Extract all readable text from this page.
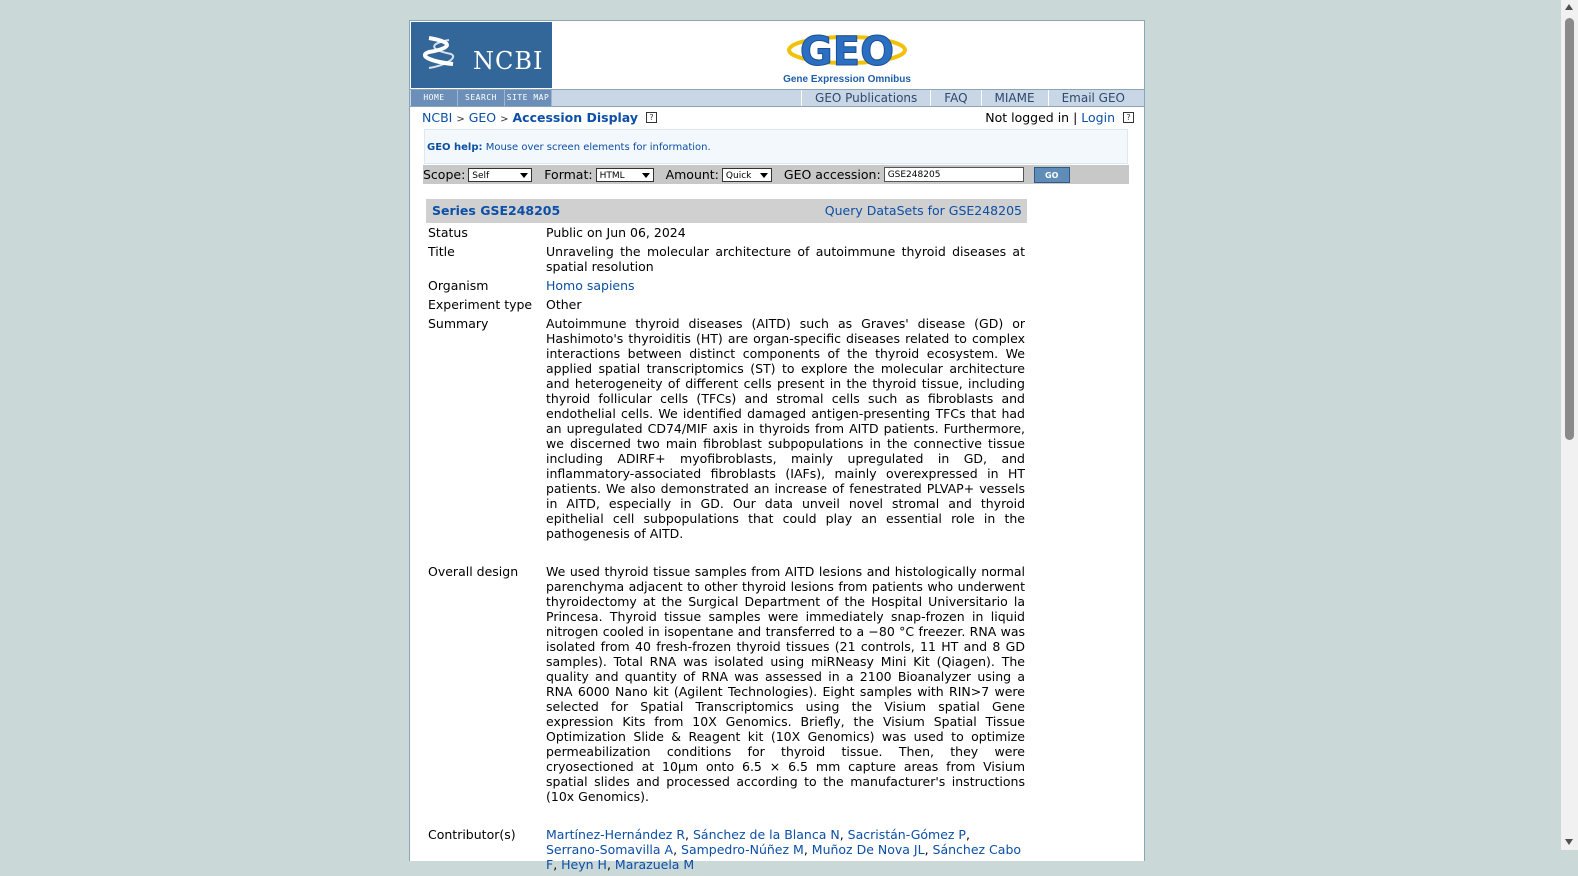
NCBI	GEO
Gene Expression Omnibus
HOME	SEARCH	SITE MAP	GEO Publications	FAQ	MIAME	Email GEO
NCBI > GEO > Accession Display ?	Not logged in | Login ?
GEO help: Mouse over screen elements for information.
Scope: Self	Format: HTML	Amount: Quick	GEO accession: GSE248205	GO
Series GSE248205	Query DataSets for GSE248205
Status	Public on Jun 06, 2024
Title	Unraveling the molecular architecture of autoimmune thyroid diseases at spatial resolution
Organism	Homo sapiens
Experiment type	Other
Summary	Autoimmune thyroid diseases (AITD) such as Graves' disease (GD) or Hashimoto's thyroiditis (HT) are organ-specific diseases related to complex interactions between distinct components of the thyroid ecosystem. We applied spatial transcriptomics (ST) to explore the molecular architecture and heterogeneity of different cells present in the thyroid tissue, including thyroid follicular cells (TFCs) and stromal cells such as fibroblasts and endothelial cells. We identified damaged antigen-presenting TFCs that had an upregulated CD74/MIF axis in thyroids from AITD patients. Furthermore, we discerned two main fibroblast subpopulations in the connective tissue including ADIRF+ myofibroblasts, mainly upregulated in GD, and inflammatory-associated fibroblasts (IAFs), mainly overexpressed in HT patients. We also demonstrated an increase of fenestrated PLVAP+ vessels in AITD, especially in GD. Our data unveil novel stromal and thyroid epithelial cell subpopulations that could play an essential role in the pathogenesis of AITD.
Overall design	We used thyroid tissue samples from AITD lesions and histologically normal parenchyma adjacent to other thyroid lesions from patients who underwent thyroidectomy at the Surgical Department of the Hospital Universitario la Princesa. Thyroid tissue samples were immediately snap-frozen in liquid nitrogen cooled in isopentane and transferred to a −80 °C freezer. RNA was isolated from 40 fresh-frozen thyroid tissues (21 controls, 11 HT and 8 GD samples). Total RNA was isolated using miRNeasy Mini Kit (Qiagen). The quality and quantity of RNA was assessed in a 2100 Bioanalyzer using a RNA 6000 Nano kit (Agilent Technologies). Eight samples with RIN>7 were selected for Spatial Transcriptomics using the Visium spatial Gene expression Kits from 10X Genomics. Briefly, the Visium Spatial Tissue Optimization Slide & Reagent kit (10X Genomics) was used to optimize permeabilization conditions for thyroid tissue. Then, they were cryosectioned at 10μm onto 6.5 × 6.5 mm capture areas from Visium spatial slides and processed according to the manufacturer's instructions (10x Genomics).
Contributor(s)	Martínez-Hernández R, Sánchez de la Blanca N, Sacristán-Gómez P, Serrano-Somavilla A, Sampedro-Núñez M, Muñoz De Nova JL, Sánchez Cabo F, Heyn H, Marazuela M
